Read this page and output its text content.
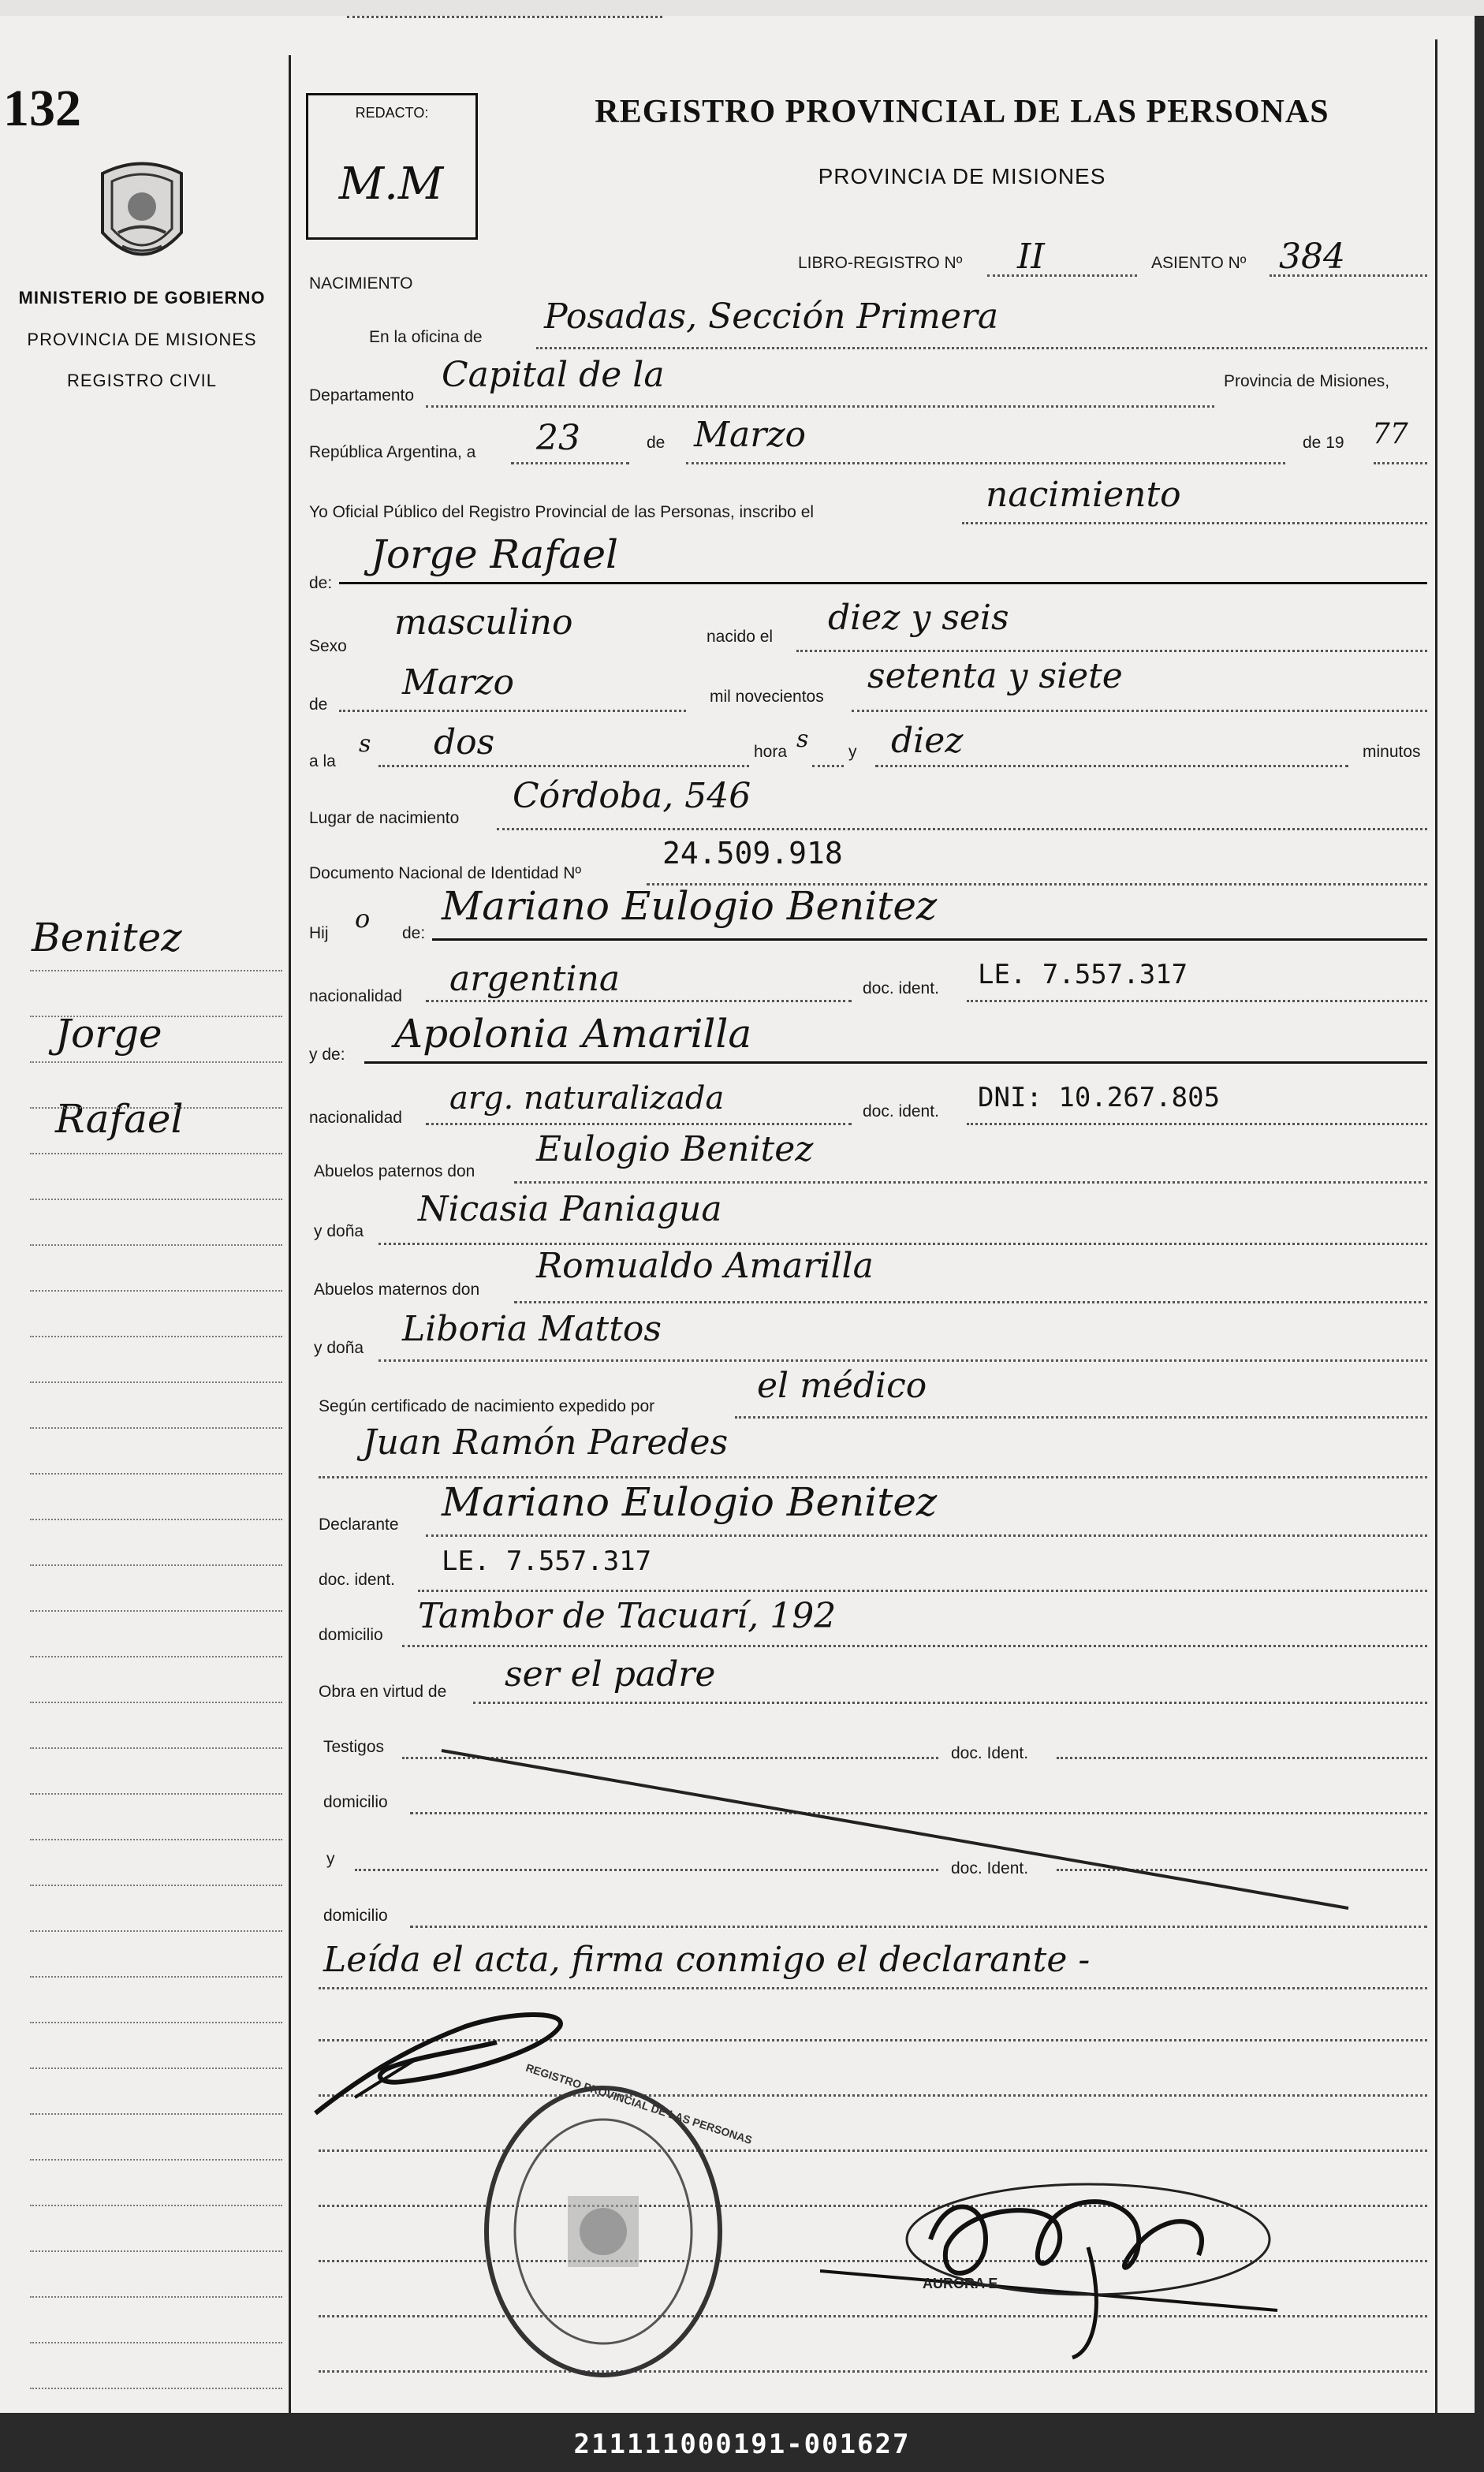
132
MINISTERIO DE GOBIERNO
PROVINCIA DE MISIONES
REGISTRO CIVIL
Benitez
Jorge
Rafael
REDACTO:
M.M
REGISTRO PROVINCIAL DE LAS PERSONAS
PROVINCIA DE MISIONES
LIBRO-REGISTRO Nº II	ASIENTO Nº 384
NACIMIENTO
En la oficina de
Posadas, Sección Primera
Departamento
Capital de la	Provincia de Misiones,
República Argentina, a 23	de Marzo	de 19 77
Yo Oficial Público del Registro Provincial de las Personas, inscribo el	nacimiento
de:
Jorge Rafael
Sexo
masculino	nacido el diez y seis
de
Marzo	mil novecientos
setenta y siete
a la
s dos	hora s y diez	minutos
Lugar de nacimiento
Córdoba, 546
Documento Nacional de Identidad Nº
24.509.918
Hij o de:
Mariano Eulogio Benitez
nacionalidad argentina	doc. ident. LE. 7.557.317
y de: Apolonia Amarilla
nacionalidad
arg. naturalizada	doc. ident. DNI: 10.267.805
Abuelos paternos don
Eulogio Benitez
y doña
Nicasia Paniagua
Abuelos maternos don
Romualdo Amarilla
y doña Liboria Mattos
Según certificado de nacimiento expedido por
el médico
Juan Ramón Paredes
Declarante Mariano Eulogio Benitez
doc. ident.
LE. 7.557.317
domicilio Tambor de Tacuarí, 192
Obra en virtud de ser el padre
Testigos	doc. Ident.
domicilio
y
doc. Ident.
domicilio
Leída el acta, firma conmigo el declarante -
REGISTRO PROVINCIAL DE LAS PERSONAS
AURORA E.
211111000191-001627
